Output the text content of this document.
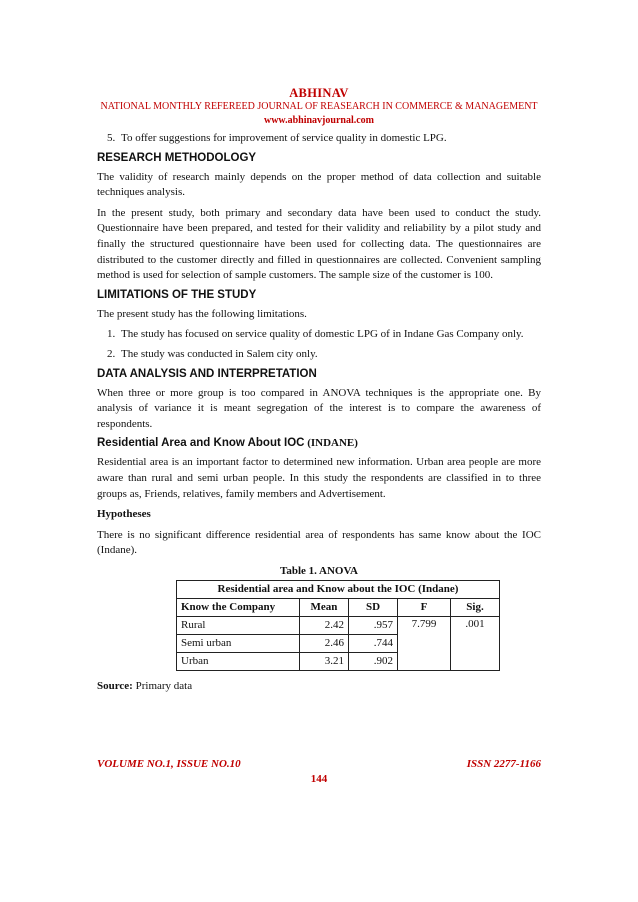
ABHINAV
NATIONAL MONTHLY REFEREED JOURNAL OF REASEARCH IN COMMERCE & MANAGEMENT
www.abhinavjournal.com
5. To offer suggestions for improvement of service quality in domestic LPG.
RESEARCH METHODOLOGY

The validity of research mainly depends on the proper method of data collection and suitable techniques analysis.

In the present study, both primary and secondary data have been used to conduct the study. Questionnaire have been prepared, and tested for their validity and reliability by a pilot study and finally the structured questionnaire have been used for collecting data. The questionnaires are distributed to the customer directly and filled in questionnaires are collected. Convenient sampling method is used for selection of sample customers. The sample size of the customer is 100.

LIMITATIONS OF THE STUDY

The present study has the following limitations.

1. The study has focused on service quality of domestic LPG of in Indane Gas Company only.
2. The study was conducted in Salem city only.
DATA ANALYSIS AND INTERPRETATION

When three or more group is too compared in ANOVA techniques is the appropriate one. By analysis of variance it is meant segregation of the interest is to compare the awareness of respondents.

Residential Area and Know About IOC (INDANE)

Residential area is an important factor to determined new information. Urban area people are more aware than rural and semi urban people. In this study the respondents are classified in to three groups as, Friends, relatives, family members and Advertisement.

Hypotheses

There is no significant difference residential area of respondents has same know about the IOC (Indane).

Table 1. ANOVA
Residential area and Know about the IOC (Indane)				
Know the Company	Mean	SD	F	Sig.
Rural	2.42	.957	7.799	.001
Semi urban	2.46	.744		
Urban	3.21	.902		

Source: Primary data

VOLUME NO.1, ISSUE NO.10	ISSN 2277-1166
144
